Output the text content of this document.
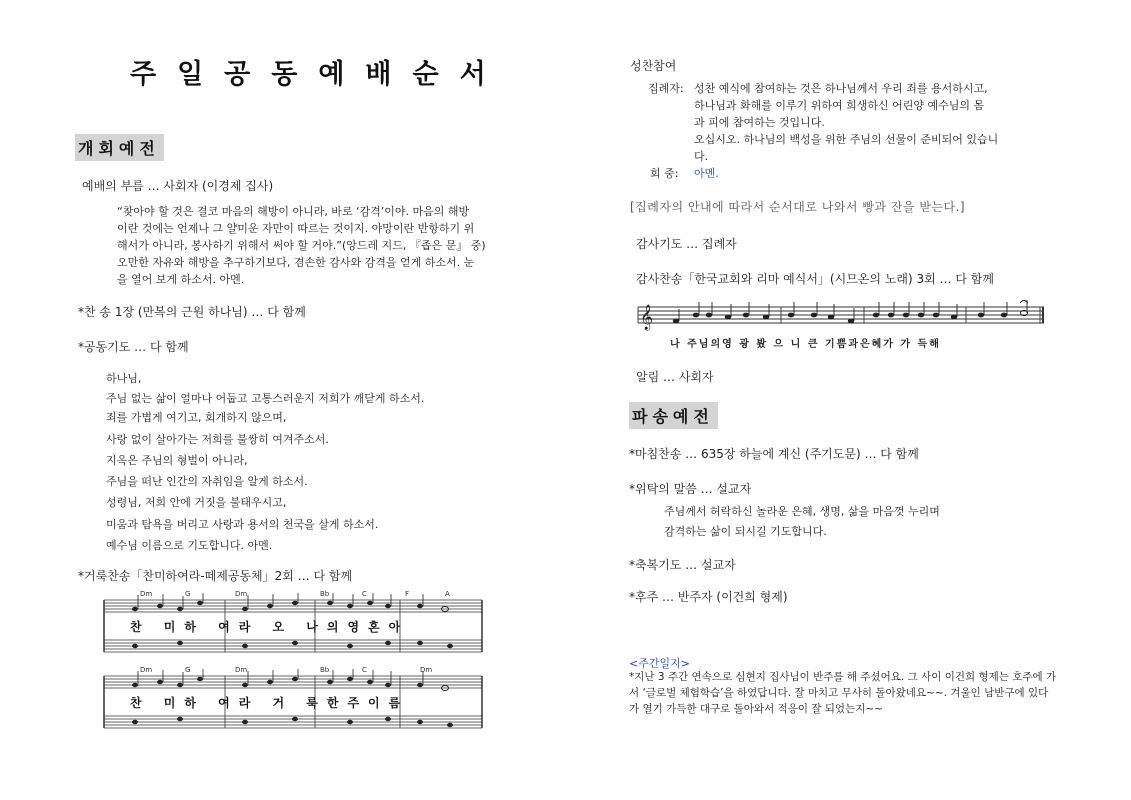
주일공동예배순서
개회예전
예배의 부름 … 사회자 (이경제 집사)
“찾아야 할 것은 결코 마음의 해방이 아니라, 바로 ‘감격’이야. 마음의 해방
이란 것에는 언제나 그 얄미운 자만이 따르는 것이지. 야망이란 반항하기 위
해서가 아니라, 봉사하기 위해서 써야 할 거야.”(앙드레 지드, 『좁은 문』 중)
오만한 자유와 해방을 추구하기보다, 겸손한 감사와 감격을 얻게 하소서. 눈
을 열어 보게 하소서. 아멘.
*찬 송 1장 (만복의 근원 하나님) … 다 함께
*공동기도 … 다 함께
하나님,
주님 없는 삶이 얼마나 어둡고 고통스러운지 저희가 깨닫게 하소서.
죄를 가볍게 여기고, 회개하지 않으며,
사랑 없이 살아가는 저희를 불쌍히 여겨주소서.
지옥은 주님의 형벌이 아니라,
주님을 떠난 인간의 자취임을 알게 하소서.
성령님, 저희 안에 거짓을 불태우시고,
미움과 탐욕을 버리고 사랑과 용서의 천국을 살게 하소서.
예수님 이름으로 기도합니다. 아멘.
*거룩찬송「찬미하여라-떼제공동체」2회 … 다 함께
Dm	G	Dm	Bb	C	F	A
찬 미하 여라 오 나의영혼아
Dm	G	Dm	Bb	C	Dm
찬 미하 여라 거 룩한주이름
성찬참여
집례자: 성찬 예식에 참여하는 것은 하나님께서 우리 죄를 용서하시고,
하나님과 화해를 이루기 위하여 희생하신 어린양 예수님의 몸
과 피에 참여하는 것입니다.
오십시오. 하나님의 백성을 위한 주님의 선물이 준비되어 있습니
다.
회 중: 아멘.
[집례자의 안내에 따라서 순서대로 나와서 빵과 잔을 받는다.]
감사기도 … 집례자
감사찬송「한국교회와 리마 예식서」(시므온의 노래) 3회 … 다 함께
𝄞
나 주님의영 광 봤 으 니 큰 기쁨과은혜가 가 득해
알림 … 사회자
파송예전
*마침찬송 … 635장 하늘에 계신 (주기도문) … 다 함께
*위탁의 말씀 … 설교자
주님께서 허락하신 놀라운 은혜, 생명, 삶을 마음껏 누리며
감격하는 삶이 되시길 기도합니다.
*축복기도 … 설교자
*후주 … 반주자 (이건희 형제)
<주간일지>
*지난 3 주간 연속으로 심현지 집사님이 반주를 해 주셨어요. 그 사이 이건희 형제는 호주에 가서 ‘글로벌 체험학습’을 하였답니다. 잘 마치고 무사히 돌아왔네요~~. 겨울인 남반구에 있다가 열기 가득한 대구로 돌아와서 적응이 잘 되었는지~~
